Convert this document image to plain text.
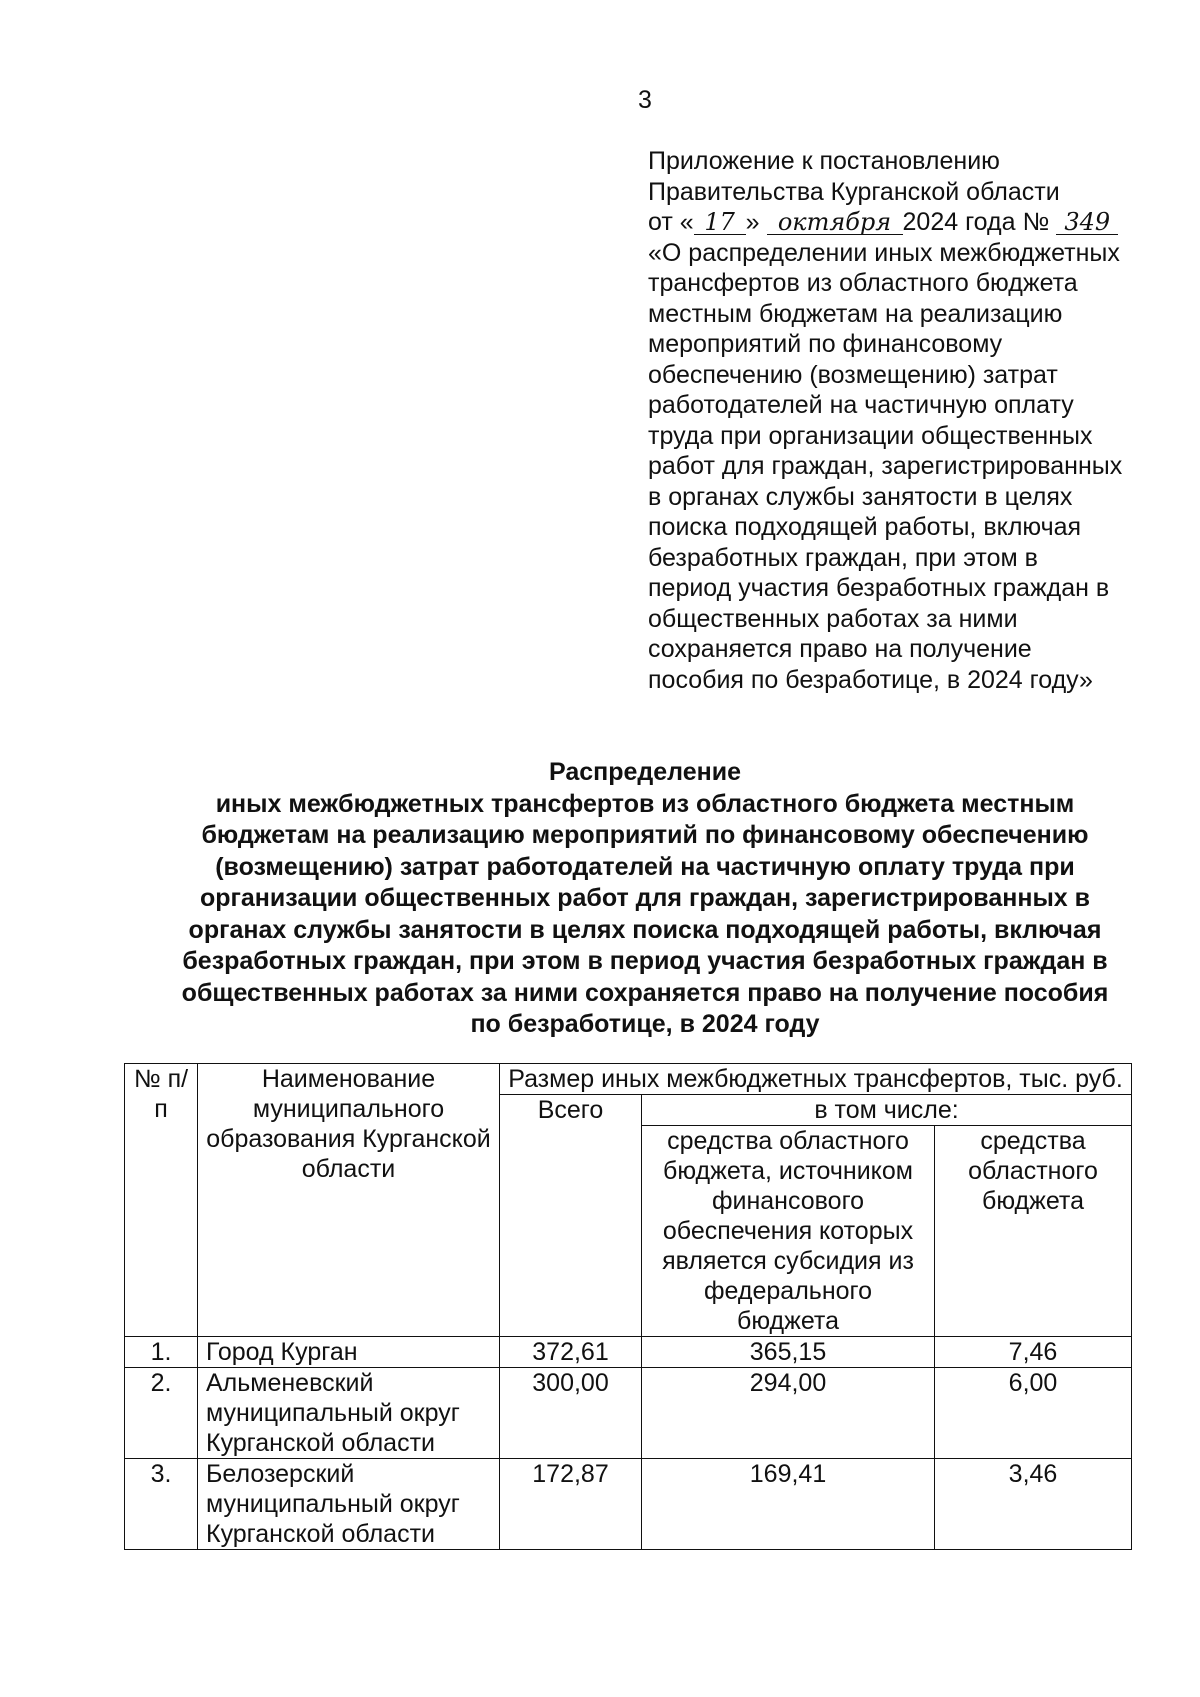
3
Приложение к постановлению
Правительства Курганской области
от « 17 » октября 2024 года № 349
«О распределении иных межбюджетных
трансфертов из областного бюджета
местным бюджетам на реализацию
мероприятий по финансовому
обеспечению (возмещению) затрат
работодателей на частичную оплату
труда при организации общественных
работ для граждан, зарегистрированных
в органах службы занятости в целях
поиска подходящей работы, включая
безработных граждан, при этом в
период участия безработных граждан в
общественных работах за ними
сохраняется право на получение
пособия по безработице, в 2024 году»
Распределение
иных межбюджетных трансфертов из областного бюджета местным
бюджетам на реализацию мероприятий по финансовому обеспечению
(возмещению) затрат работодателей на частичную оплату труда при
организации общественных работ для граждан, зарегистрированных в
органах службы занятости в целях поиска подходящей работы, включая
безработных граждан, при этом в период участия безработных граждан в
общественных работах за ними сохраняется право на получение пособия
по безработице, в 2024 году
№ п/п	Наименование муниципального образования Курганской области	Размер иных межбюджетных трансфертов, тыс. руб.		
		Всего	в том числе:	
			средства областного бюджета, источником финансового обеспечения которых является субсидия из федерального бюджета	средства областного бюджета
1.	Город Курган	372,61	365,15	7,46
2.	Альменевский муниципальный округ Курганской области	300,00	294,00	6,00
3.	Белозерский муниципальный округ Курганской области	172,87	169,41	3,46
